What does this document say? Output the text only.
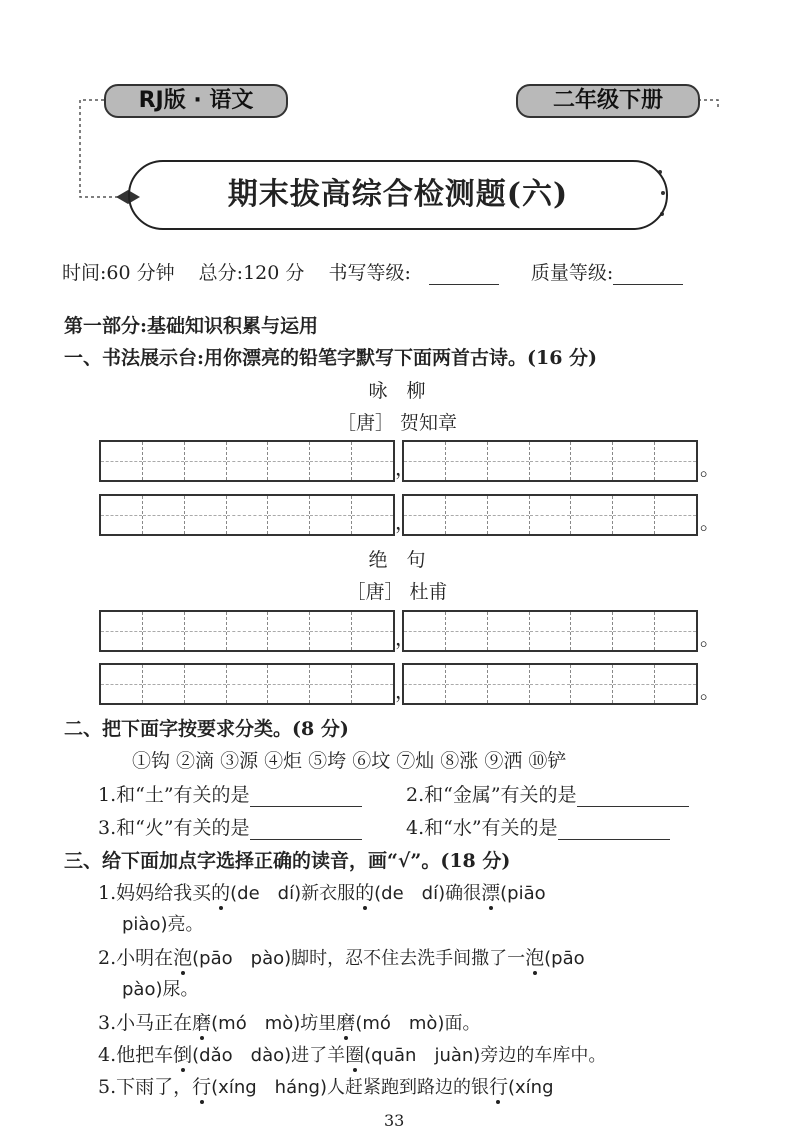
RJ版 · 语文	二年级下册
期末拔高综合检测题(六)
时间:60 分钟 总分:120 分 书写等级:	质量等级:
第一部分:基础知识积累与运用
一、书法展示台:用你漂亮的铅笔字默写下面两首古诗。(16 分)
咏　柳
［唐］ 贺知章
，	。
，	。
绝　句
［唐］ 杜甫
，	。
，	。
二、把下面字按要求分类。(8 分)
①钩 ②滴 ③源 ④炬 ⑤垮 ⑥坟 ⑦灿 ⑧涨 ⑨洒 ⑩铲
1.和“土”有关的是	2.和“金属”有关的是
3.和“火”有关的是	4.和“水”有关的是
三、给下面加点字选择正确的读音，画“√”。(18 分)
1.妈妈给我买的(de　dí)新衣服的(de　dí)确很漂(piāo
piào)亮。
2.小明在泡(pāo　pào)脚时，忍不住去洗手间撒了一泡(pāo
pào)尿。
3.小马正在磨(mó　mò)坊里磨(mó　mò)面。
4.他把车倒(dǎo　dào)进了羊圈(quān　juàn)旁边的车库中。
5.下雨了，行(xíng　háng)人赶紧跑到路边的银行(xíng
33
